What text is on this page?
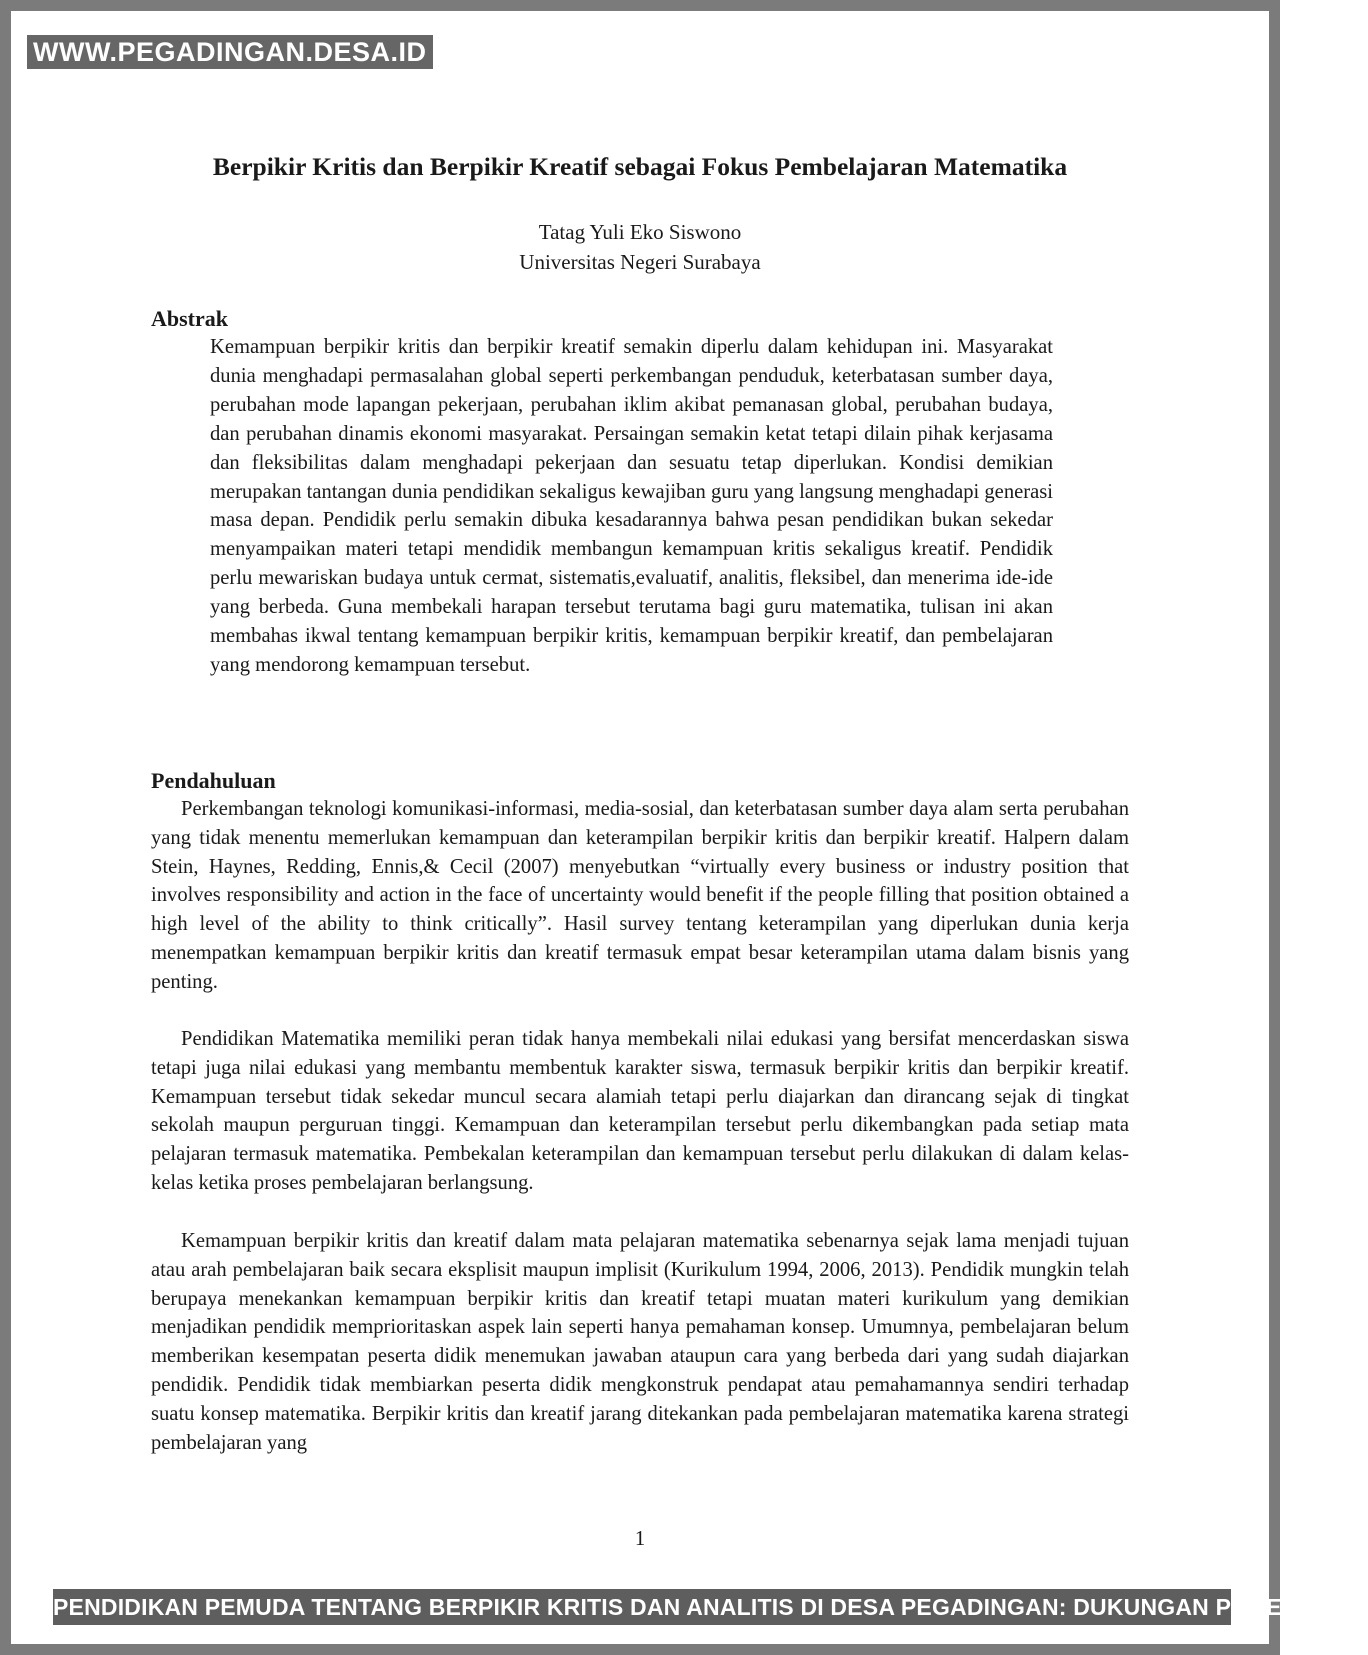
Berpikir Kritis dan Berpikir Kreatif sebagai Fokus Pembelajaran Matematika
Tatag Yuli Eko Siswono
Universitas Negeri Surabaya
Abstrak

Kemampuan berpikir kritis dan berpikir kreatif semakin diperlu dalam kehidupan ini. Masyarakat dunia menghadapi permasalahan global seperti perkembangan penduduk, keterbatasan sumber daya, perubahan mode lapangan pekerjaan, perubahan iklim akibat pemanasan global, perubahan budaya, dan perubahan dinamis ekonomi masyarakat. Persaingan semakin ketat tetapi dilain pihak kerjasama dan fleksibilitas dalam menghadapi pekerjaan dan sesuatu tetap diperlukan. Kondisi demikian merupakan tantangan dunia pendidikan sekaligus kewajiban guru yang langsung menghadapi generasi masa depan. Pendidik perlu semakin dibuka kesadarannya bahwa pesan pendidikan bukan sekedar menyampaikan materi tetapi mendidik membangun kemampuan kritis sekaligus kreatif. Pendidik perlu mewariskan budaya untuk cermat, sistematis,evaluatif, analitis, fleksibel, dan menerima ide-ide yang berbeda. Guna membekali harapan tersebut terutama bagi guru matematika, tulisan ini akan membahas ikwal tentang kemampuan berpikir kritis, kemampuan berpikir kreatif, dan pembelajaran yang mendorong kemampuan tersebut.

Pendahuluan

Perkembangan teknologi komunikasi-informasi, media-sosial, dan keterbatasan sumber daya alam serta perubahan yang tidak menentu memerlukan kemampuan dan keterampilan berpikir kritis dan berpikir kreatif. Halpern dalam Stein, Haynes, Redding, Ennis,& Cecil (2007) menyebutkan “virtually every business or industry position that involves responsibility and action in the face of uncertainty would benefit if the people filling that position obtained a high level of the ability to think critically”. Hasil survey tentang keterampilan yang diperlukan dunia kerja menempatkan kemampuan berpikir kritis dan kreatif termasuk empat besar keterampilan utama dalam bisnis yang penting.

Pendidikan Matematika memiliki peran tidak hanya membekali nilai edukasi yang bersifat mencerdaskan siswa tetapi juga nilai edukasi yang membantu membentuk karakter siswa, termasuk berpikir kritis dan berpikir kreatif. Kemampuan tersebut tidak sekedar muncul secara alamiah tetapi perlu diajarkan dan dirancang sejak di tingkat sekolah maupun perguruan tinggi. Kemampuan dan keterampilan tersebut perlu dikembangkan pada setiap mata pelajaran termasuk matematika. Pembekalan keterampilan dan kemampuan tersebut perlu dilakukan di dalam kelas-kelas ketika proses pembelajaran berlangsung.

Kemampuan berpikir kritis dan kreatif dalam mata pelajaran matematika sebenarnya sejak lama menjadi tujuan atau arah pembelajaran baik secara eksplisit maupun implisit (Kurikulum 1994, 2006, 2013). Pendidik mungkin telah berupaya menekankan kemampuan berpikir kritis dan kreatif tetapi muatan materi kurikulum yang demikian menjadikan pendidik memprioritaskan aspek lain seperti hanya pemahaman konsep. Umumnya, pembelajaran belum memberikan kesempatan peserta didik menemukan jawaban ataupun cara yang berbeda dari yang sudah diajarkan pendidik. Pendidik tidak membiarkan peserta didik mengkonstruk pendapat atau pemahamannya sendiri terhadap suatu konsep matematika. Berpikir kritis dan kreatif jarang ditekankan pada pembelajaran matematika karena strategi pembelajaran yang

1
WWW.PEGADINGAN.DESA.ID
PENDIDIKAN PEMUDA TENTANG BERPIKIR KRITIS DAN ANALITIS DI DESA PEGADINGAN: DUKUNGAN PEMERINTAH
